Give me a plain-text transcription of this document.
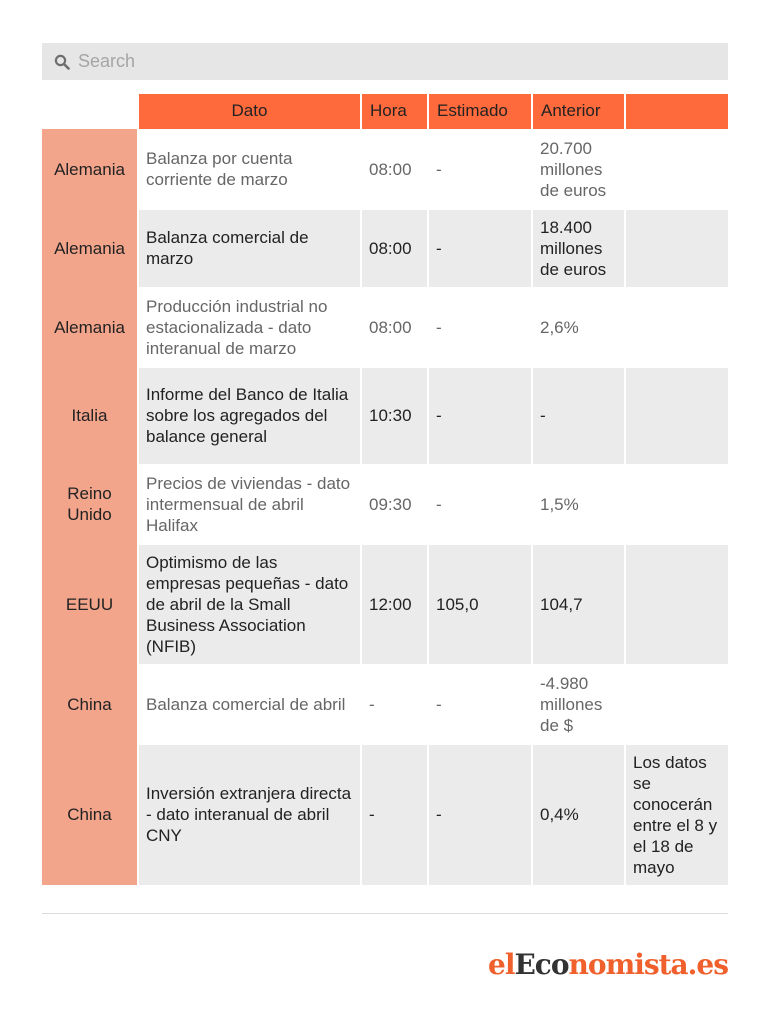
Search
	Dato	Hora	Estimado	Anterior	
Alemania	Balanza por cuenta corriente de marzo	08:00	-	20.700 millones de euros	
Alemania	Balanza comercial de marzo	08:00	-	18.400 millones de euros	
Alemania	Producción industrial no estacionalizada - dato interanual de marzo	08:00	-	2,6%	
Italia	Informe del Banco de Italia sobre los agregados del balance general	10:30	-	-	
Reino Unido	Precios de viviendas - dato intermensual de abril Halifax	09:30	-	1,5%	
EEUU	Optimismo de las empresas pequeñas - dato de abril de la Small Business Association (NFIB)	12:00	105,0	104,7	
China	Balanza comercial de abril	-	-	-4.980 millones de $	
China	Inversión extranjera directa - dato interanual de abril CNY	-	-	0,4%	Los datos se conocerán entre el 8 y el 18 de mayo
elEconomista.es
